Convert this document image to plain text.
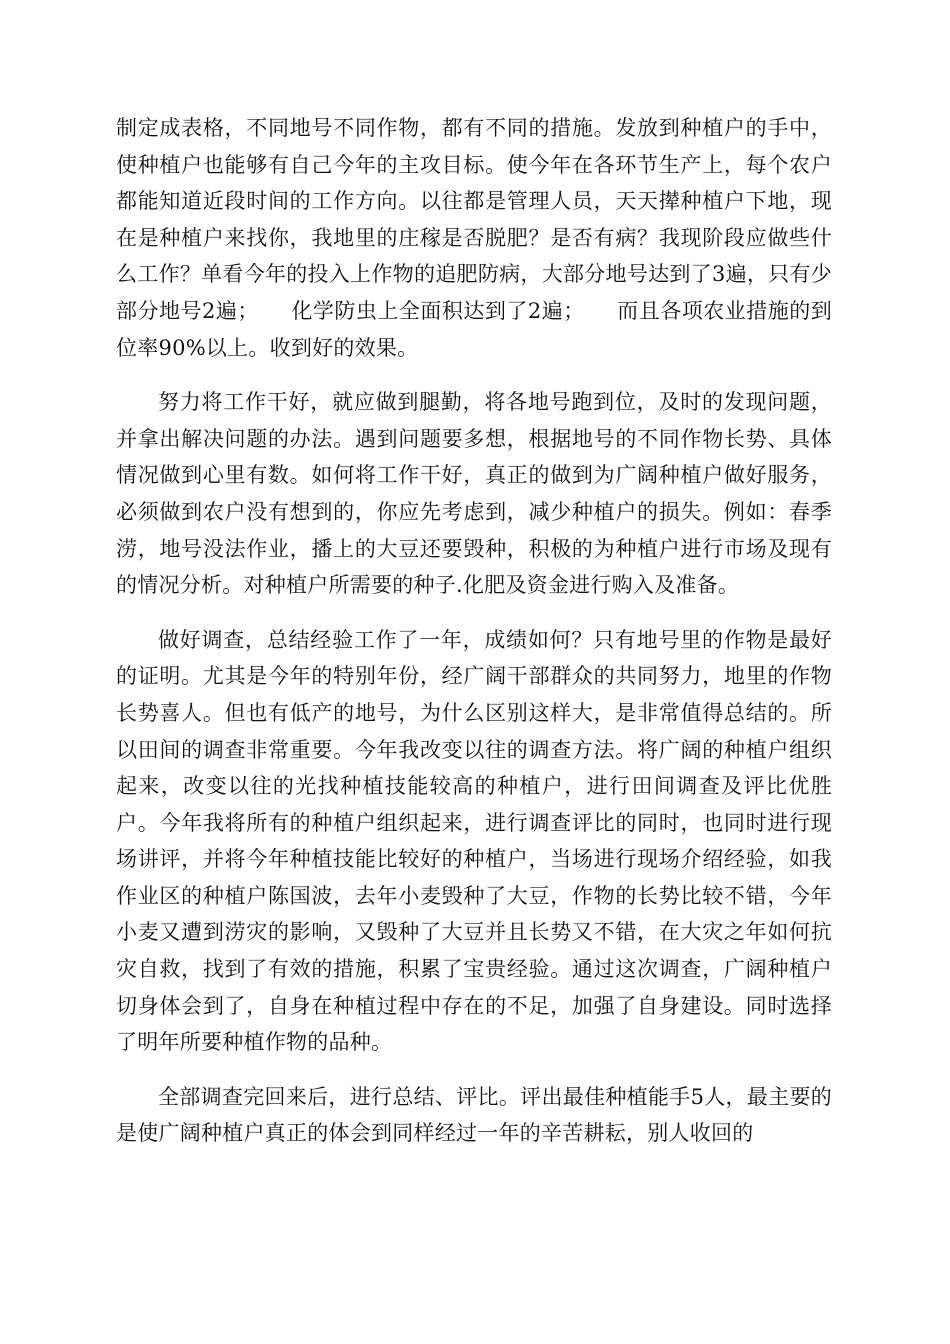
制定成表格，不同地号不同作物，都有不同的措施。发放到种植户的手中，使种植户也能够有自己今年的主攻目标。使今年在各环节生产上，每个农户都能知道近段时间的工作方向。以往都是管理人员，天天撵种植户下地，现在是种植户来找你，我地里的庄稼是否脱肥？是否有病？我现阶段应做些什么工作？单看今年的投入上作物的追肥防病，大部分地号达到了3遍，只有少部分地号2遍；　　化学防虫上全面积达到了2遍；　　而且各项农业措施的到位率90%以上。收到好的效果。

努力将工作干好，就应做到腿勤，将各地号跑到位，及时的发现问题，并拿出解决问题的办法。遇到问题要多想，根据地号的不同作物长势、具体情况做到心里有数。如何将工作干好，真正的做到为广阔种植户做好服务，必须做到农户没有想到的，你应先考虑到，减少种植户的损失。例如：春季涝，地号没法作业，播上的大豆还要毁种，积极的为种植户进行市场及现有的情况分析。对种植户所需要的种子.化肥及资金进行购入及准备。

做好调查，总结经验工作了一年，成绩如何？只有地号里的作物是最好的证明。尤其是今年的特别年份，经广阔干部群众的共同努力，地里的作物长势喜人。但也有低产的地号，为什么区别这样大，是非常值得总结的。所以田间的调查非常重要。今年我改变以往的调查方法。将广阔的种植户组织起来，改变以往的光找种植技能较高的种植户，进行田间调查及评比优胜户。今年我将所有的种植户组织起来，进行调查评比的同时，也同时进行现场讲评，并将今年种植技能比较好的种植户，当场进行现场介绍经验，如我作业区的种植户陈国波，去年小麦毁种了大豆，作物的长势比较不错，今年小麦又遭到涝灾的影响，又毁种了大豆并且长势又不错，在大灾之年如何抗灾自救，找到了有效的措施，积累了宝贵经验。通过这次调查，广阔种植户切身体会到了，自身在种植过程中存在的不足，加强了自身建设。同时选择了明年所要种植作物的品种。

全部调查完回来后，进行总结、评比。评出最佳种植能手5人，最主要的是使广阔种植户真正的体会到同样经过一年的辛苦耕耘，别人收回的
